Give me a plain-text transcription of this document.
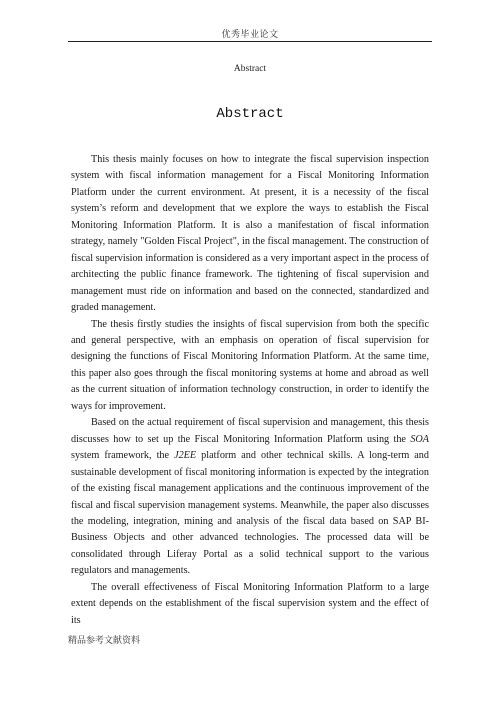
优秀毕业论文
Abstract
Abstract

This thesis mainly focuses on how to integrate the fiscal supervision inspection system with fiscal information management for a Fiscal Monitoring Information Platform under the current environment. At present, it is a necessity of the fiscal system’s reform and development that we explore the ways to establish the Fiscal Monitoring Information Platform. It is also a manifestation of fiscal information strategy, namely "Golden Fiscal Project", in the fiscal management. The construction of fiscal supervision information is considered as a very important aspect in the process of architecting the public finance framework. The tightening of fiscal supervision and management must ride on information and based on the connected, standardized and graded management.

The thesis firstly studies the insights of fiscal supervision from both the specific and general perspective, with an emphasis on operation of fiscal supervision for designing the functions of Fiscal Monitoring Information Platform. At the same time, this paper also goes through the fiscal monitoring systems at home and abroad as well as the current situation of information technology construction, in order to identify the ways for improvement.

Based on the actual requirement of fiscal supervision and management, this thesis discusses how to set up the Fiscal Monitoring Information Platform using the SOA system framework, the J2EE platform and other technical skills. A long-term and sustainable development of fiscal monitoring information is expected by the integration of the existing fiscal management applications and the continuous improvement of the fiscal and fiscal supervision management systems. Meanwhile, the paper also discusses the modeling, integration, mining and analysis of the fiscal data based on SAP BI-Business Objects and other advanced technologies. The processed data will be consolidated through Liferay Portal as a solid technical support to the various regulators and managements.

The overall effectiveness of Fiscal Monitoring Information Platform to a large extent depends on the establishment of the fiscal supervision system and the effect of its

精品参考文献资料
